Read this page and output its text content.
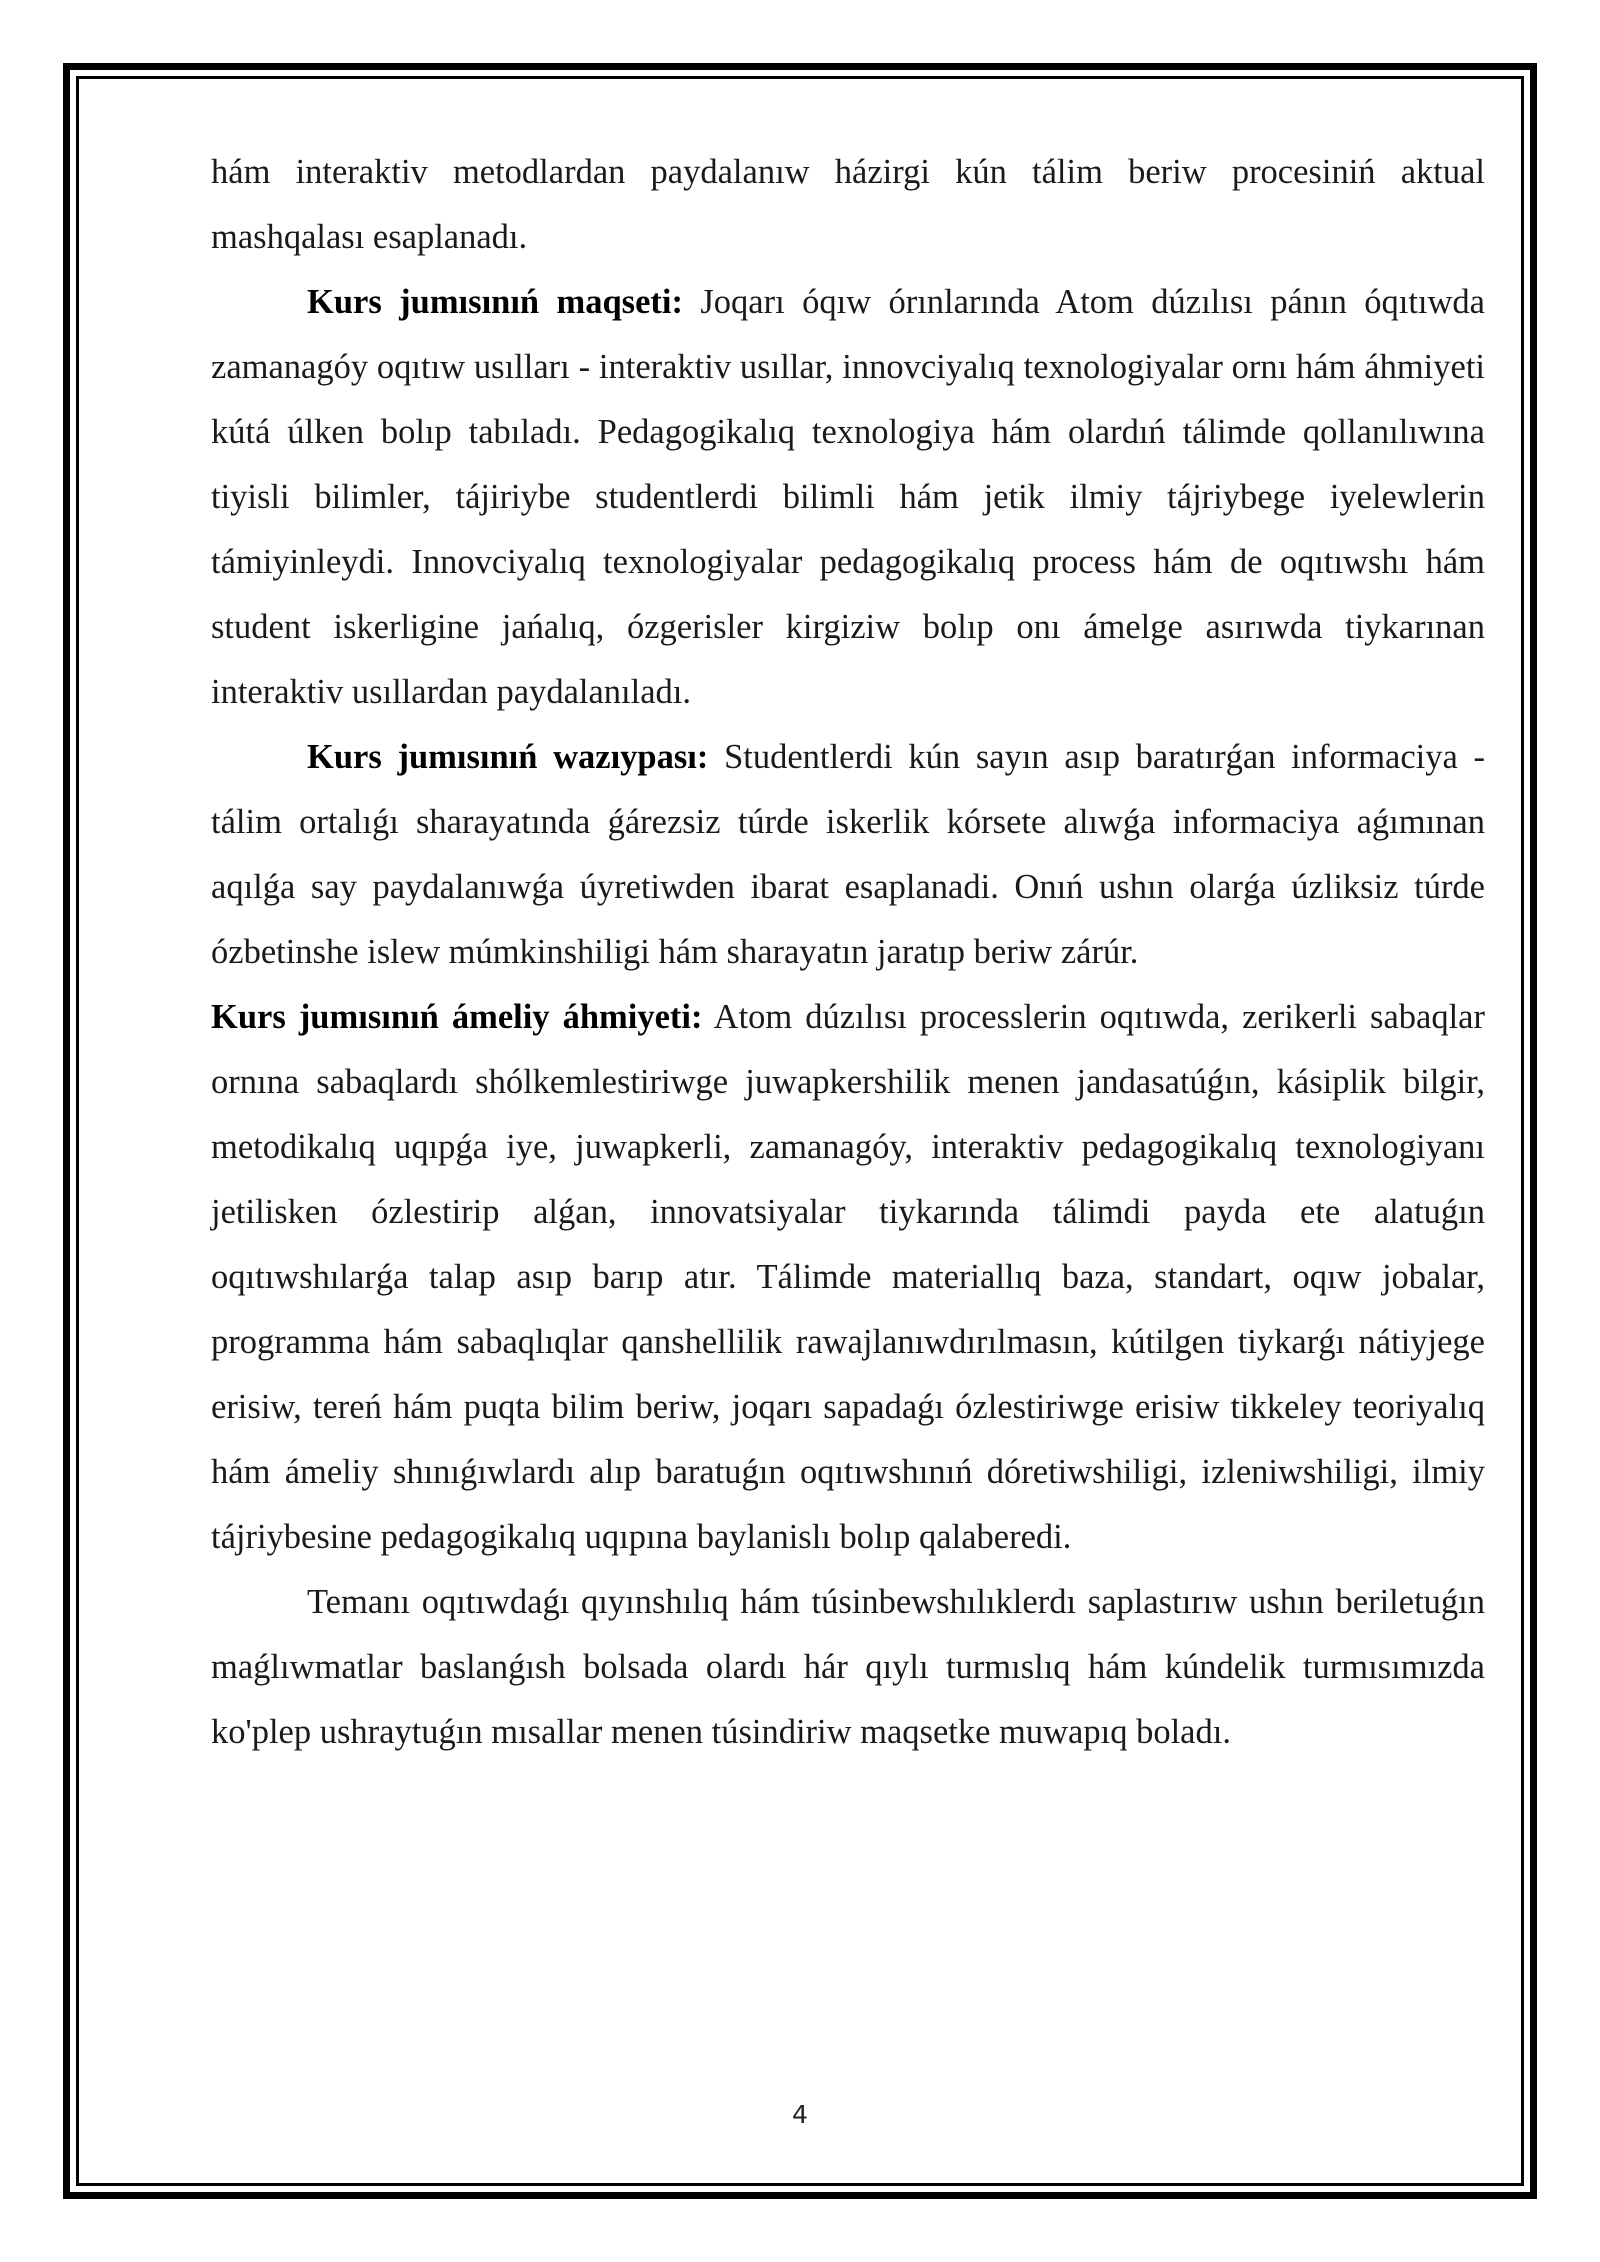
hám interaktiv metodlardan paydalanıw házirgi kún tálim beriw procesiniń aktual mashqalası esaplanadı.

Kurs jumısınıń maqseti: Joqarı óqıw órınlarında Atom dúzılısı pánın óqıtıwda zamanagóy oqıtıw usılları - interaktiv usıllar, innovciyalıq texnologiyalar ornı hám áhmiyeti kútá úlken bolıp tabıladı. Pedagogikalıq texnologiya hám olardıń tálimde qollanılıwına tiyisli bilimler, tájiriybe studentlerdi bilimli hám jetik ilmiy tájriybege iyelewlerin támiyinleydi. Innovciyalıq texnologiyalar pedagogikalıq process hám de oqıtıwshı hám student iskerligine jańalıq, ózgerisler kirgiziw bolıp onı ámelge asırıwda tiykarınan interaktiv usıllardan paydalanıladı.

Kurs jumısınıń wazıypası: Studentlerdi kún sayın asıp baratırǵan informaciya - tálim ortalıǵı sharayatında ǵárezsiz túrde iskerlik kórsete alıwǵa informaciya aǵımınan aqılǵa say paydalanıwǵa úyretiwden ibarat esaplanadi. Onıń ushın olarǵa úzliksiz túrde ózbetinshe islew múmkinshiligi hám sharayatın jaratıp beriw zárúr.

Kurs jumısınıń ámeliy áhmiyeti: Atom dúzılısı processlerin oqıtıwda, zerikerli sabaqlar ornına sabaqlardı shólkemlestiriwge juwapkershilik menen jandasatúǵın, kásiplik bilgir, metodikalıq uqıpǵa iye, juwapkerli, zamanagóy, interaktiv pedagogikalıq texnologiyanı jetilisken ózlestirip alǵan, innovatsiyalar tiykarında tálimdi payda ete alatuǵın oqıtıwshılarǵa talap asıp barıp atır. Tálimde materiallıq baza, standart, oqıw jobalar, programma hám sabaqlıqlar qanshellilik rawajlanıwdırılmasın, kútilgen tiykarǵı nátiyjege erisiw, tereń hám puqta bilim beriw, joqarı sapadaǵı ózlestiriwge erisiw tikkeley teoriyalıq hám ámeliy shınıǵıwlardı alıp baratuǵın oqıtıwshınıń dóretiwshiligi, izleniwshiligi, ilmiy tájriybesine pedagogikalıq uqıpına baylanislı bolıp qalaberedi.

Temanı oqıtıwdaǵı qıyınshılıq hám túsinbewshılıklerdı saplastırıw ushın beriletuǵın maǵlıwmatlar baslanǵısh bolsada olardı hár qıylı turmıslıq hám kúndelik turmısımızda ko'plep ushraytuǵın mısallar menen túsindiriw maqsetke muwapıq boladı.

4
